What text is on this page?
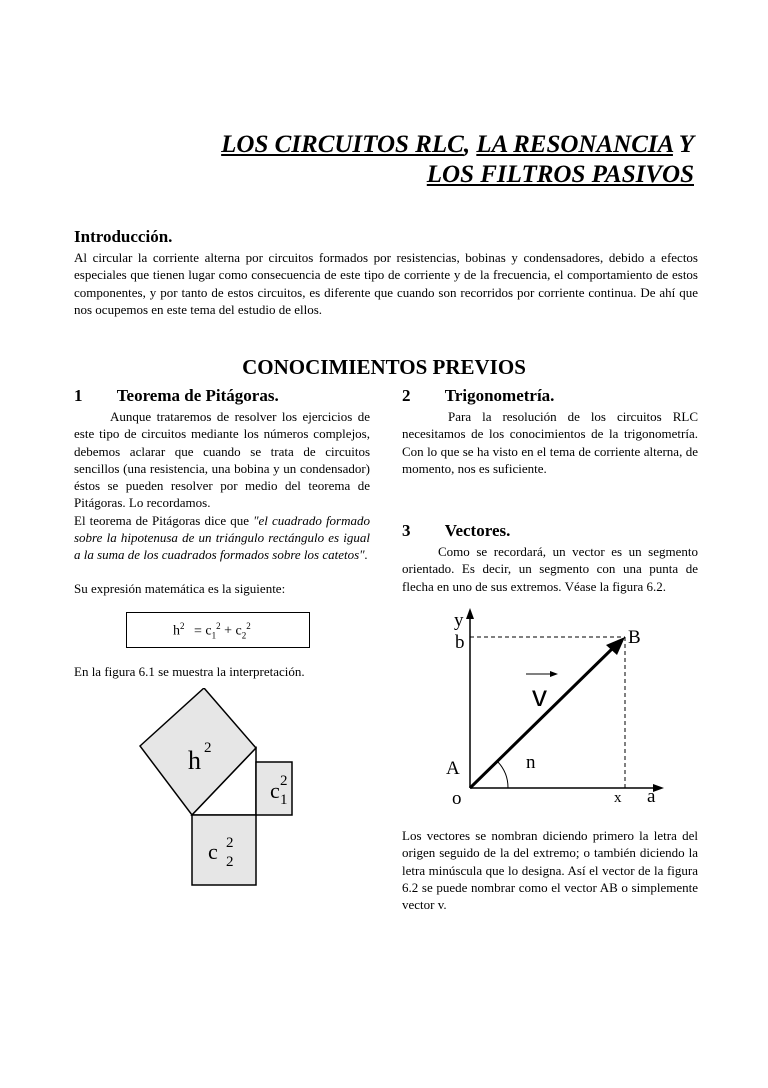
LOS CIRCUITOS RLC, LA RESONANCIA Y
LOS FILTROS PASIVOS
Introducción.
Al circular la corriente alterna por circuitos formados por resistencias, bobinas y condensadores, debido a efectos especiales que tienen lugar como consecuencia de este tipo de corriente y de la frecuencia, el comportamiento de estos componentes, y por tanto de estos circuitos, es diferente que cuando son recorridos por corriente continua. De ahí que nos ocupemos en este tema del estudio de ellos.
CONOCIMIENTOS PREVIOS
1 Teorema de Pitágoras.

Aunque trataremos de resolver los ejercicios de este tipo de circuitos mediante los números complejos, debemos aclarar que cuando se trata de circuitos sencillos (una resistencia, una bobina y un condensador) éstos se pueden resolver por medio del teorema de Pitágoras. Lo recordamos.

El teorema de Pitágoras dice que "el cuadrado formado sobre la hipotenusa de un triángulo rectángulo es igual a la suma de los cuadrados formados sobre los catetos".

Su expresión matemática es la siguiente:
$h^2 = c_1^2 + c_2^2$
En la figura 6.1 se muestra la interpretación.
h 2
c 2
1
c 2
2
2 Trigonometría.
Para la resolución de los circuitos RLC necesitamos de los conocimientos de la trigonometría. Con lo que se ha visto en el tema de corriente alterna, de momento, nos es suficiente.
3 Vectores.
Como se recordará, un vector es un segmento orientado. Es decir, un segmento con una punta de flecha en uno de sus extremos. Véase la figura 6.2.
y
b	B
v
A	n
o	x a
Los vectores se nombran diciendo primero la letra del origen seguido de la del extremo; o también diciendo la letra minúscula que lo designa. Así el vector de la figura 6.2 se puede nombrar como el vector AB o simplemente vector v.
